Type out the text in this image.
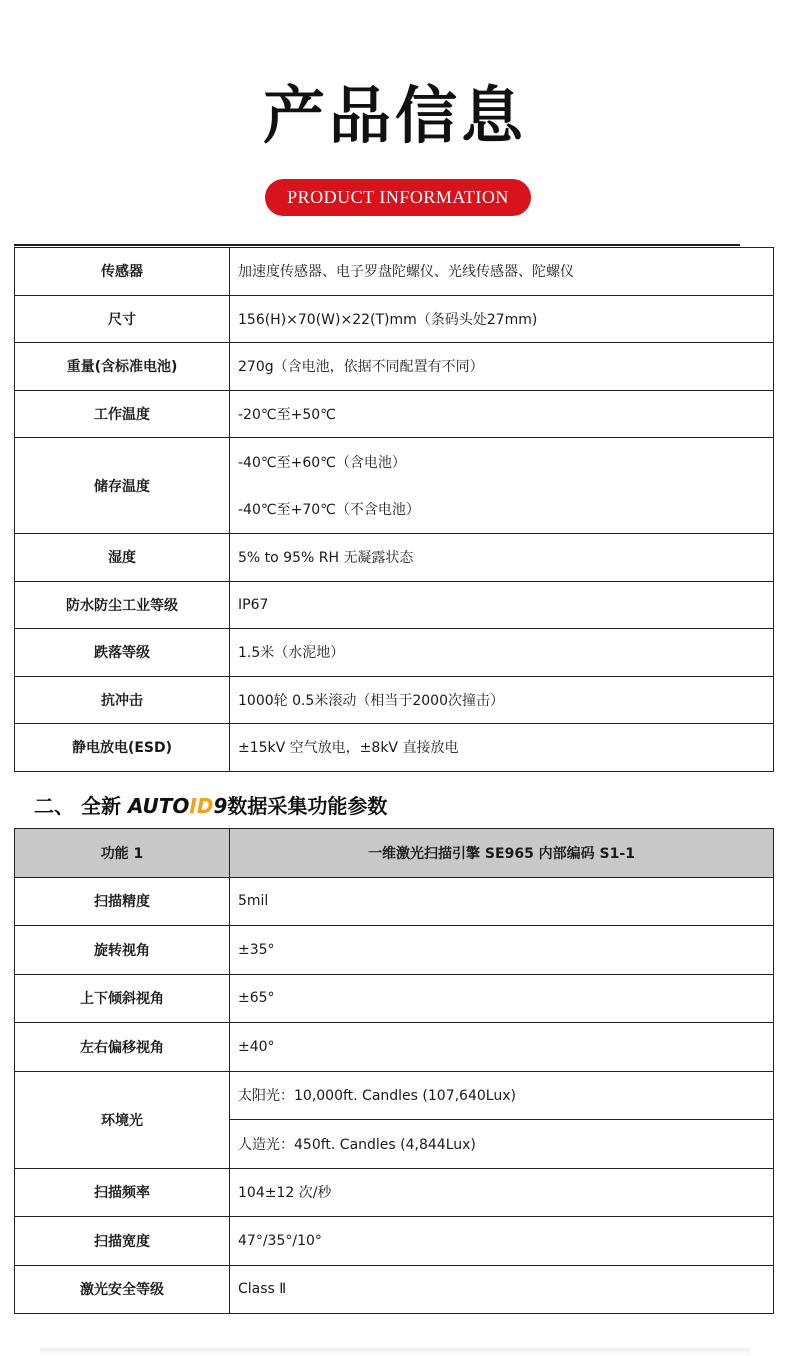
产品信息
PRODUCT INFORMATION
传感器	加速度传感器、电子罗盘陀螺仪、光线传感器、陀螺仪
尺寸	156(H)×70(W)×22(T)mm（条码头处27mm)
重量(含标准电池)	270g（含电池，依据不同配置有不同）
工作温度	-20℃至+50℃
储存温度	-40℃至+60℃（含电池）
-40℃至+70℃（不含电池）

湿度	5% to 95% RH 无凝露状态
防水防尘工业等级	IP67
跌落等级	1.5米（水泥地）
抗冲击	1000轮 0.5米滚动（相当于2000次撞击）
静电放电(ESD)	±15kV 空气放电，±8kV 直接放电
二、 全新 AUTOID9数据采集功能参数
功能 1	一维激光扫描引擎 SE965 内部编码 S1-1
扫描精度	5mil
旋转视角	±35°
上下倾斜视角	±65°
左右偏移视角	±40°
环境光	太阳光：10,000ft. Candles (107,640Lux)
	人造光：450ft. Candles (4,844Lux)
扫描频率	104±12 次/秒
扫描宽度	47°/35°/10°
激光安全等级	Class Ⅱ
